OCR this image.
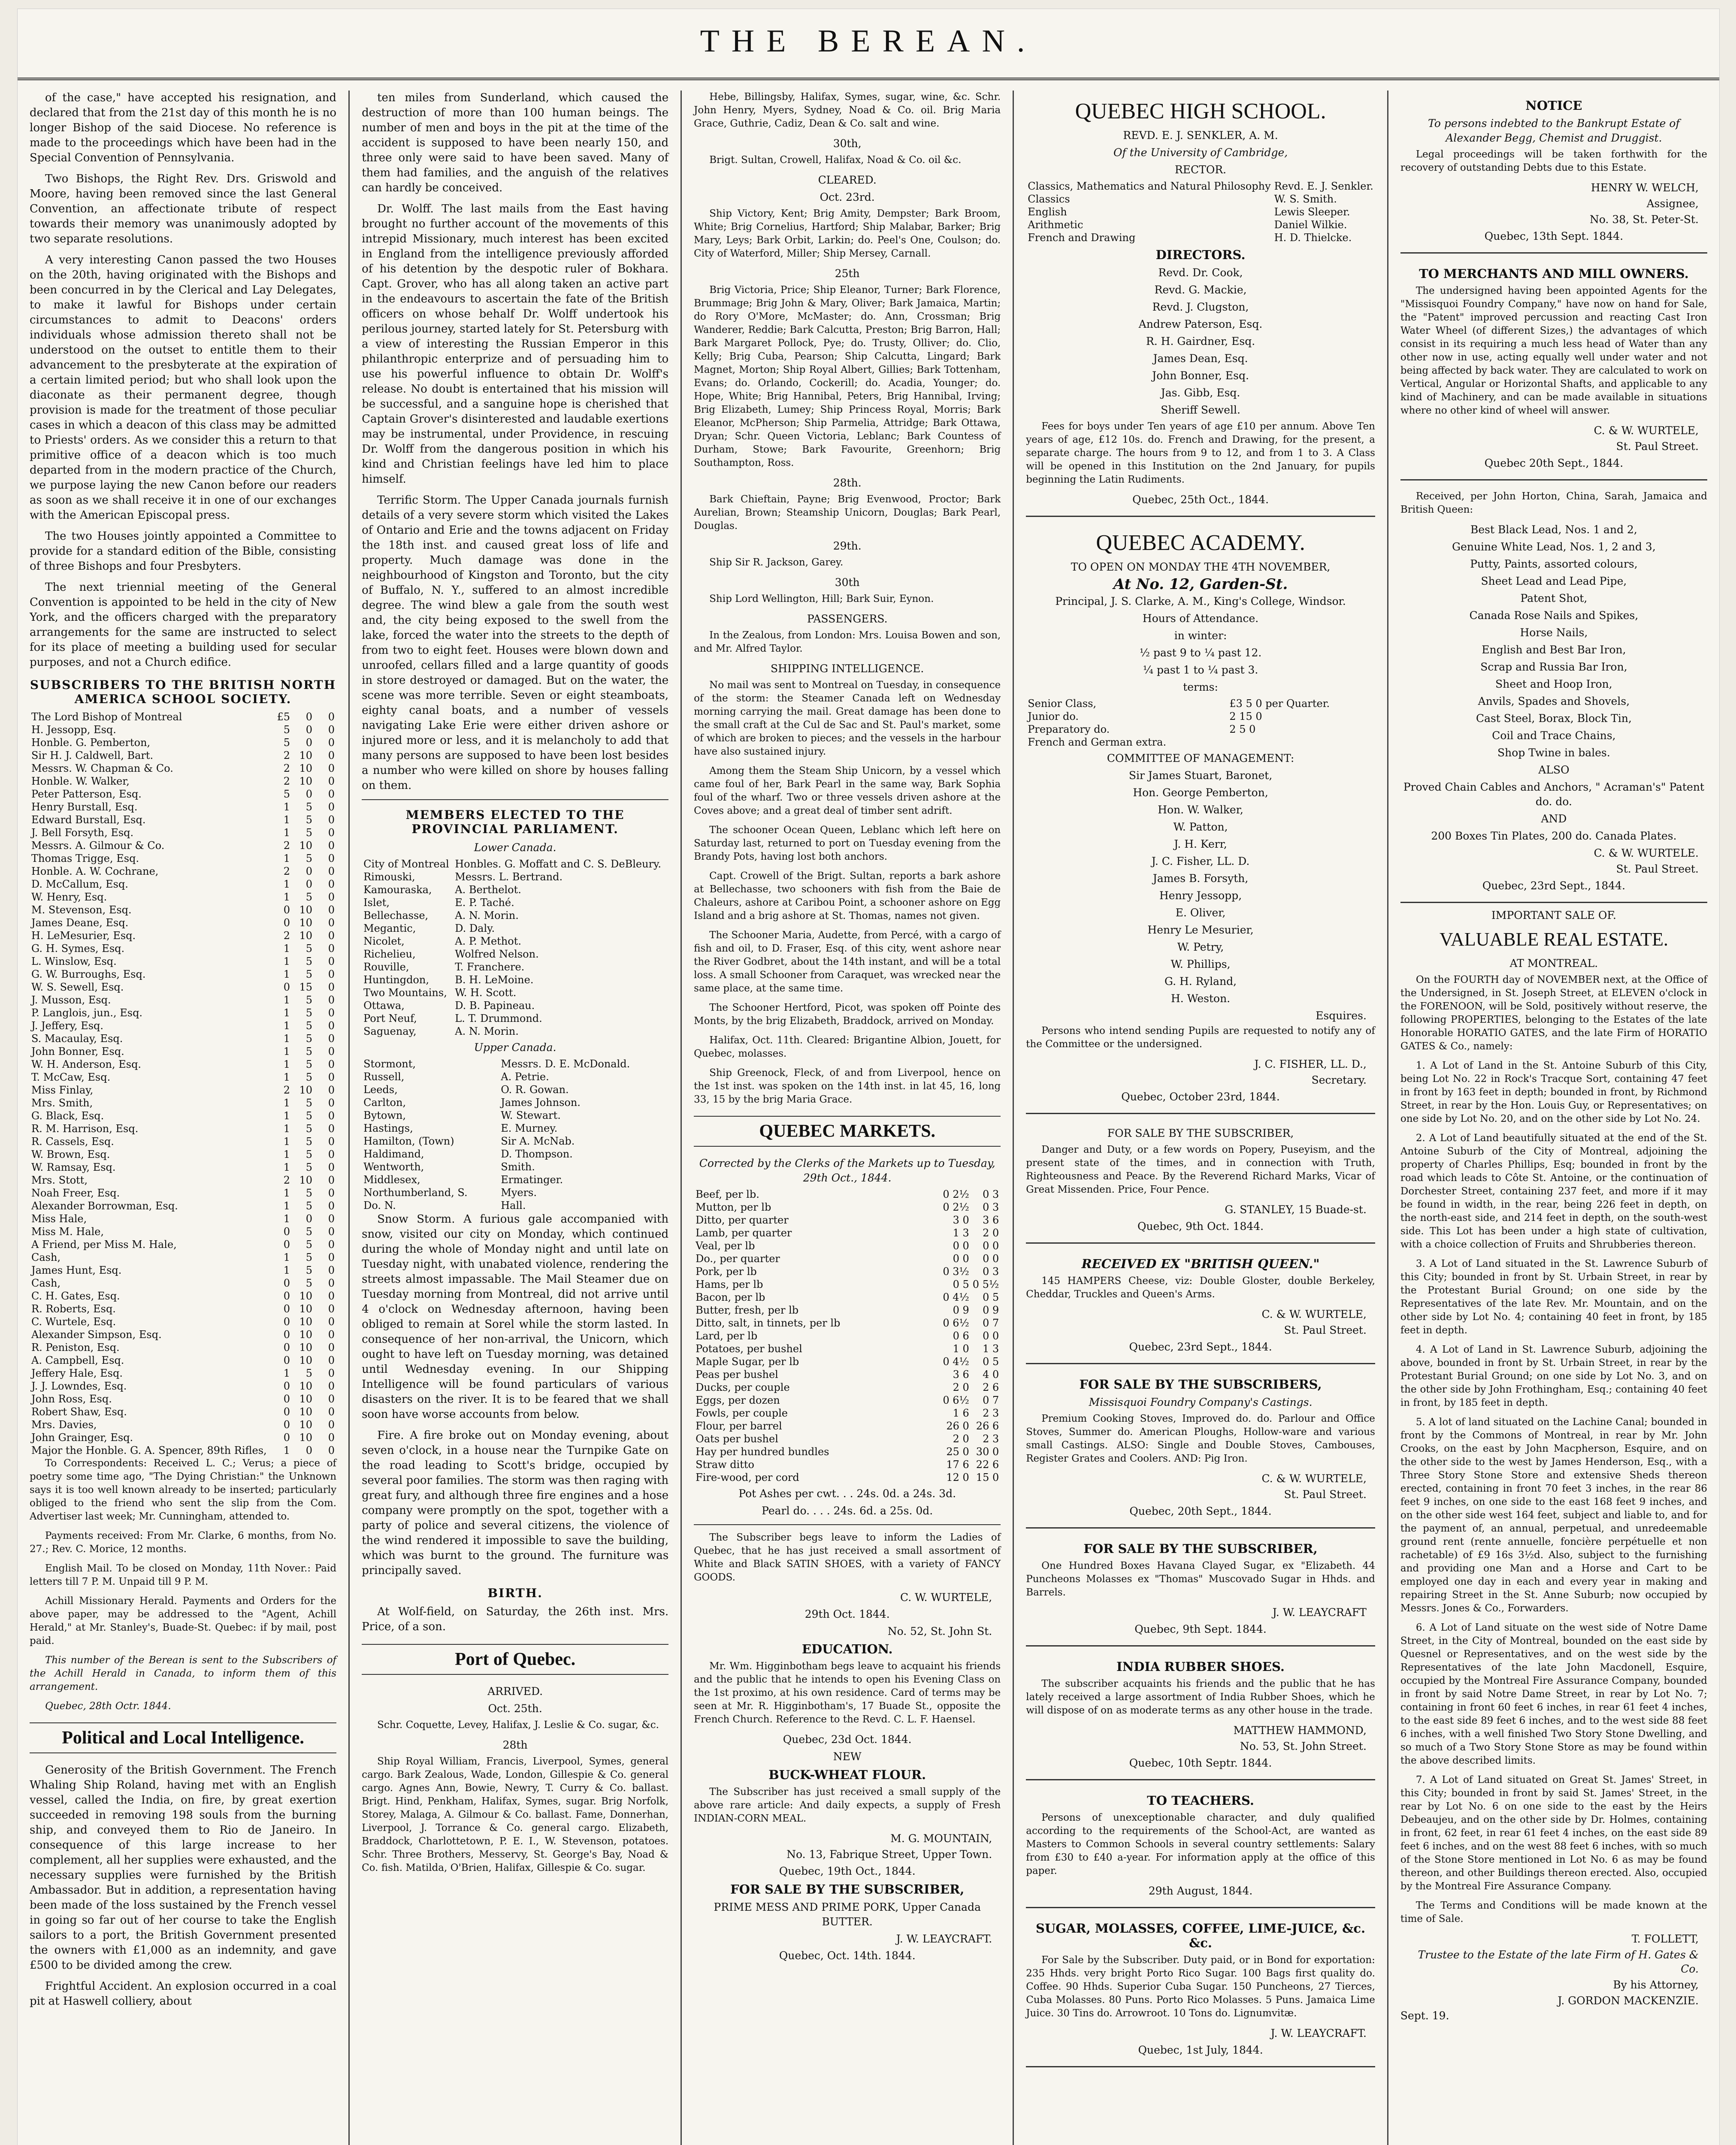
THE BEREAN.

of the case," have accepted his resignation, and declared that from the 21st day of this month he is no longer Bishop of the said Diocese. No reference is made to the proceedings which have been had in the Special Convention of Pennsylvania.

Two Bishops, the Right Rev. Drs. Griswold and Moore, having been removed since the last General Convention, an affectionate tribute of respect towards their memory was unanimously adopted by two separate resolutions.

A very interesting Canon passed the two Houses on the 20th, having originated with the Bishops and been concurred in by the Clerical and Lay Delegates, to make it lawful for Bishops under certain circumstances to admit to Deacons' orders individuals whose admission thereto shall not be understood on the outset to entitle them to their advancement to the presbyterate at the expiration of a certain limited period; but who shall look upon the diaconate as their permanent degree, though provision is made for the treatment of those peculiar cases in which a deacon of this class may be admitted to Priests' orders. As we consider this a return to that primitive office of a deacon which is too much departed from in the modern practice of the Church, we purpose laying the new Canon before our readers as soon as we shall receive it in one of our exchanges with the American Episcopal press.

The two Houses jointly appointed a Committee to provide for a standard edition of the Bible, consisting of three Bishops and four Presbyters.

The next triennial meeting of the General Convention is appointed to be held in the city of New York, and the officers charged with the preparatory arrangements for the same are instructed to select for its place of meeting a building used for secular purposes, and not a Church edifice.

SUBSCRIBERS TO THE BRITISH NORTH AMERICA SCHOOL SOCIETY.
The Lord Bishop of Montreal	£5	0	0
H. Jessopp, Esq.	5	0	0
Honble. G. Pemberton,	5	0	0
Sir H. J. Caldwell, Bart.	2	10	0
Messrs. W. Chapman & Co.	2	10	0
Honble. W. Walker,	2	10	0
Peter Patterson, Esq.	5	0	0
Henry Burstall, Esq.	1	5	0
Edward Burstall, Esq.	1	5	0
J. Bell Forsyth, Esq.	1	5	0
Messrs. A. Gilmour & Co.	2	10	0
Thomas Trigge, Esq.	1	5	0
Honble. A. W. Cochrane,	2	0	0
D. McCallum, Esq.	1	0	0
W. Henry, Esq.	1	5	0
M. Stevenson, Esq.	0	10	0
James Deane, Esq.	0	10	0
H. LeMesurier, Esq.	2	10	0
G. H. Symes, Esq.	1	5	0
L. Winslow, Esq.	1	5	0
G. W. Burroughs, Esq.	1	5	0
W. S. Sewell, Esq.	0	15	0
J. Musson, Esq.	1	5	0
P. Langlois, jun., Esq.	1	5	0
J. Jeffery, Esq.	1	5	0
S. Macaulay, Esq.	1	5	0
John Bonner, Esq.	1	5	0
W. H. Anderson, Esq.	1	5	0
T. McCaw, Esq.	1	5	0
Miss Finlay,	2	10	0
Mrs. Smith,	1	5	0
G. Black, Esq.	1	5	0
R. M. Harrison, Esq.	1	5	0
R. Cassels, Esq.	1	5	0
W. Brown, Esq.	1	5	0
W. Ramsay, Esq.	1	5	0
Mrs. Stott,	2	10	0
Noah Freer, Esq.	1	5	0
Alexander Borrowman, Esq.	1	5	0
Miss Hale,	1	0	0
Miss M. Hale,	0	5	0
A Friend, per Miss M. Hale,	0	5	0
Cash,	1	5	0
James Hunt, Esq.	1	5	0
Cash,	0	5	0
C. H. Gates, Esq.	0	10	0
R. Roberts, Esq.	0	10	0
C. Wurtele, Esq.	0	10	0
Alexander Simpson, Esq.	0	10	0
R. Peniston, Esq.	0	10	0
A. Campbell, Esq.	0	10	0
Jeffery Hale, Esq.	1	5	0
J. J. Lowndes, Esq.	0	10	0
John Ross, Esq.	0	10	0
Robert Shaw, Esq.	0	10	0
Mrs. Davies,	0	10	0
John Grainger, Esq.	0	10	0
Major the Honble. G. A. Spencer, 89th Rifles,	1	0	0

To Correspondents: Received L. C.; Verus; a piece of poetry some time ago, "The Dying Christian:" the Unknown says it is too well known already to be inserted; particularly obliged to the friend who sent the slip from the Com. Advertiser last week; Mr. Cunningham, attended to.

Payments received: From Mr. Clarke, 6 months, from No. 27.; Rev. C. Morice, 12 months.

English Mail. To be closed on Monday, 11th Nover.: Paid letters till 7 P. M. Unpaid till 9 P. M.

Achill Missionary Herald. Payments and Orders for the above paper, may be addressed to the "Agent, Achill Herald," at Mr. Stanley's, Buade-St. Quebec: if by mail, post paid.

This number of the Berean is sent to the Subscribers of the Achill Herald in Canada, to inform them of this arrangement.

Quebec, 28th Octr. 1844.

Political and Local Intelligence.

Generosity of the British Government. The French Whaling Ship Roland, having met with an English vessel, called the India, on fire, by great exertion succeeded in removing 198 souls from the burning ship, and conveyed them to Rio de Janeiro. In consequence of this large increase to her complement, all her supplies were exhausted, and the necessary supplies were furnished by the British Ambassador. But in addition, a representation having been made of the loss sustained by the French vessel in going so far out of her course to take the English sailors to a port, the British Government presented the owners with £1,000 as an indemnity, and gave £500 to be divided among the crew.

Frightful Accident. An explosion occurred in a coal pit at Haswell colliery, about

ten miles from Sunderland, which caused the destruction of more than 100 human beings. The number of men and boys in the pit at the time of the accident is supposed to have been nearly 150, and three only were said to have been saved. Many of them had families, and the anguish of the relatives can hardly be conceived.

Dr. Wolff. The last mails from the East having brought no further account of the movements of this intrepid Missionary, much interest has been excited in England from the intelligence previously afforded of his detention by the despotic ruler of Bokhara. Capt. Grover, who has all along taken an active part in the endeavours to ascertain the fate of the British officers on whose behalf Dr. Wolff undertook his perilous journey, started lately for St. Petersburg with a view of interesting the Russian Emperor in this philanthropic enterprize and of persuading him to use his powerful influence to obtain Dr. Wolff's release. No doubt is entertained that his mission will be successful, and a sanguine hope is cherished that Captain Grover's disinterested and laudable exertions may be instrumental, under Providence, in rescuing Dr. Wolff from the dangerous position in which his kind and Christian feelings have led him to place himself.

Terrific Storm. The Upper Canada journals furnish details of a very severe storm which visited the Lakes of Ontario and Erie and the towns adjacent on Friday the 18th inst. and caused great loss of life and property. Much damage was done in the neighbourhood of Kingston and Toronto, but the city of Buffalo, N. Y., suffered to an almost incredible degree. The wind blew a gale from the south west and, the city being exposed to the swell from the lake, forced the water into the streets to the depth of from two to eight feet. Houses were blown down and unroofed, cellars filled and a large quantity of goods in store destroyed or damaged. But on the water, the scene was more terrible. Seven or eight steamboats, eighty canal boats, and a number of vessels navigating Lake Erie were either driven ashore or injured more or less, and it is melancholy to add that many persons are supposed to have been lost besides a number who were killed on shore by houses falling on them.

MEMBERS ELECTED TO THE PROVINCIAL PARLIAMENT.
Lower Canada.
City of Montreal	Honbles. G. Moffatt and C. S. DeBleury.
Rimouski,	Messrs. L. Bertrand.
Kamouraska,	A. Berthelot.
Islet,	E. P. Taché.
Bellechasse,	A. N. Morin.
Megantic,	D. Daly.
Nicolet,	A. P. Methot.
Richelieu,	Wolfred Nelson.
Rouville,	T. Franchere.
Huntingdon,	B. H. LeMoine.
Two Mountains,	W. H. Scott.
Ottawa,	D. B. Papineau.
Port Neuf,	L. T. Drummond.
Saguenay,	A. N. Morin.
Upper Canada.
Stormont,	Messrs. D. E. McDonald.
Russell,	A. Petrie.
Leeds,	O. R. Gowan.
Carlton,	James Johnson.
Bytown,	W. Stewart.
Hastings,	E. Murney.
Hamilton, (Town)	Sir A. McNab.
Haldimand,	D. Thompson.
Wentworth,	Smith.
Middlesex,	Ermatinger.
Northumberland, S.	Myers.
Do. N.	Hall.

Snow Storm. A furious gale accompanied with snow, visited our city on Monday, which continued during the whole of Monday night and until late on Tuesday night, with unabated violence, rendering the streets almost impassable. The Mail Steamer due on Tuesday morning from Montreal, did not arrive until 4 o'clock on Wednesday afternoon, having been obliged to remain at Sorel while the storm lasted. In consequence of her non-arrival, the Unicorn, which ought to have left on Tuesday morning, was detained until Wednesday evening. In our Shipping Intelligence will be found particulars of various disasters on the river. It is to be feared that we shall soon have worse accounts from below.

Fire. A fire broke out on Monday evening, about seven o'clock, in a house near the Turnpike Gate on the road leading to Scott's bridge, occupied by several poor families. The storm was then raging with great fury, and although three fire engines and a hose company were promptly on the spot, together with a party of police and several citizens, the violence of the wind rendered it impossible to save the building, which was burnt to the ground. The furniture was principally saved.

BIRTH.

At Wolf-field, on Saturday, the 26th inst. Mrs. Price, of a son.

Port of Quebec.
ARRIVED.
Oct. 25th.

Schr. Coquette, Levey, Halifax, J. Leslie & Co. sugar, &c.

28th

Ship Royal William, Francis, Liverpool, Symes, general cargo. Bark Zealous, Wade, London, Gillespie & Co. general cargo. Agnes Ann, Bowie, Newry, T. Curry & Co. ballast. Brigt. Hind, Penkham, Halifax, Symes, sugar. Brig Norfolk, Storey, Malaga, A. Gilmour & Co. ballast. Fame, Donnerhan, Liverpool, J. Torrance & Co. general cargo. Elizabeth, Braddock, Charlottetown, P. E. I., W. Stevenson, potatoes. Schr. Three Brothers, Messervy, St. George's Bay, Noad & Co. fish. Matilda, O'Brien, Halifax, Gillespie & Co. sugar.

Hebe, Billingsby, Halifax, Symes, sugar, wine, &c. Schr. John Henry, Myers, Sydney, Noad & Co. oil. Brig Maria Grace, Guthrie, Cadiz, Dean & Co. salt and wine.

30th,

Brigt. Sultan, Crowell, Halifax, Noad & Co. oil &c.

CLEARED.
Oct. 23rd.

Ship Victory, Kent; Brig Amity, Dempster; Bark Broom, White; Brig Cornelius, Hartford; Ship Malabar, Barker; Brig Mary, Leys; Bark Orbit, Larkin; do. Peel's One, Coulson; do. City of Waterford, Miller; Ship Mersey, Carnall.

25th

Brig Victoria, Price; Ship Eleanor, Turner; Bark Florence, Brummage; Brig John & Mary, Oliver; Bark Jamaica, Martin; do Rory O'More, McMaster; do. Ann, Crossman; Brig Wanderer, Reddie; Bark Calcutta, Preston; Brig Barron, Hall; Bark Margaret Pollock, Pye; do. Trusty, Olliver; do. Clio, Kelly; Brig Cuba, Pearson; Ship Calcutta, Lingard; Bark Magnet, Morton; Ship Royal Albert, Gillies; Bark Tottenham, Evans; do. Orlando, Cockerill; do. Acadia, Younger; do. Hope, White; Brig Hannibal, Peters, Brig Hannibal, Irving; Brig Elizabeth, Lumey; Ship Princess Royal, Morris; Bark Eleanor, McPherson; Ship Parmelia, Attridge; Bark Ottawa, Dryan; Schr. Queen Victoria, Leblanc; Bark Countess of Durham, Stowe; Bark Favourite, Greenhorn; Brig Southampton, Ross.

28th.

Bark Chieftain, Payne; Brig Evenwood, Proctor; Bark Aurelian, Brown; Steamship Unicorn, Douglas; Bark Pearl, Douglas.

29th.

Ship Sir R. Jackson, Garey.

30th

Ship Lord Wellington, Hill; Bark Suir, Eynon.

PASSENGERS.

In the Zealous, from London: Mrs. Louisa Bowen and son, and Mr. Alfred Taylor.

SHIPPING INTELLIGENCE.

No mail was sent to Montreal on Tuesday, in consequence of the storm: the Steamer Canada left on Wednesday morning carrying the mail. Great damage has been done to the small craft at the Cul de Sac and St. Paul's market, some of which are broken to pieces; and the vessels in the harbour have also sustained injury.

Among them the Steam Ship Unicorn, by a vessel which came foul of her, Bark Pearl in the same way, Bark Sophia foul of the wharf. Two or three vessels driven ashore at the Coves above; and a great deal of timber sent adrift.

The schooner Ocean Queen, Leblanc which left here on Saturday last, returned to port on Tuesday evening from the Brandy Pots, having lost both anchors.

Capt. Crowell of the Brigt. Sultan, reports a bark ashore at Bellechasse, two schooners with fish from the Baie de Chaleurs, ashore at Caribou Point, a schooner ashore on Egg Island and a brig ashore at St. Thomas, names not given.

The Schooner Maria, Audette, from Percé, with a cargo of fish and oil, to D. Fraser, Esq. of this city, went ashore near the River Godbret, about the 14th instant, and will be a total loss. A small Schooner from Caraquet, was wrecked near the same place, at the same time.

The Schooner Hertford, Picot, was spoken off Pointe des Monts, by the brig Elizabeth, Braddock, arrived on Monday.

Halifax, Oct. 11th. Cleared: Brigantine Albion, Jouett, for Quebec, molasses.

Ship Greenock, Fleck, of and from Liverpool, hence on the 1st inst. was spoken on the 14th inst. in lat 45, 16, long 33, 15 by the brig Maria Grace.

QUEBEC MARKETS.
Corrected by the Clerks of the Markets up to Tuesday, 29th Oct., 1844.
Beef, per lb.	0 2½	0 3
Mutton, per lb	0 2½	0 3
Ditto, per quarter	3 0	3 6
Lamb, per quarter	1 3	2 0
Veal, per lb	0 0	0 0
Do., per quarter	0 0	0 0
Pork, per lb	0 3½	0 3
Hams, per lb	0 5	0 5½
Bacon, per lb	0 4½	0 5
Butter, fresh, per lb	0 9	0 9
Ditto, salt, in tinnets, per lb	0 6½	0 7
Lard, per lb	0 6	0 0
Potatoes, per bushel	1 0	1 3
Maple Sugar, per lb	0 4½	0 5
Peas per bushel	3 6	4 0
Ducks, per couple	2 0	2 6
Eggs, per dozen	0 6½	0 7
Fowls, per couple	1 6	2 3
Flour, per barrel	26 0	26 6
Oats per bushel	2 0	2 3
Hay per hundred bundles	25 0	30 0
Straw ditto	17 6	22 6
Fire-wood, per cord	12 0	15 0
Pot Ashes per cwt. . . 24s. 0d. a 24s. 3d.
Pearl do. . . . 24s. 6d. a 25s. 0d.

The Subscriber begs leave to inform the Ladies of Quebec, that he has just received a small assortment of White and Black SATIN SHOES, with a variety of FANCY GOODS.

C. W. WURTELE,
29th Oct. 1844.
No. 52, St. John St.
EDUCATION.

Mr. Wm. Higginbotham begs leave to acquaint his friends and the public that he intends to open his Evening Class on the 1st proximo, at his own residence. Card of terms may be seen at Mr. R. Higginbotham's, 17 Buade St., opposite the French Church. Reference to the Revd. C. L. F. Haensel.

Quebec, 23d Oct. 1844.
NEW
BUCK-WHEAT FLOUR.

The Subscriber has just received a small supply of the above rare article: And daily expects, a supply of Fresh INDIAN-CORN MEAL.

M. G. MOUNTAIN,
No. 13, Fabrique Street, Upper Town.
Quebec, 19th Oct., 1844.
FOR SALE BY THE SUBSCRIBER,
PRIME MESS AND PRIME PORK, Upper Canada BUTTER.
J. W. LEAYCRAFT.
Quebec, Oct. 14th. 1844.
QUEBEC HIGH SCHOOL.
REVD. E. J. SENKLER, A. M.
Of the University of Cambridge,
RECTOR.
Classics, Mathematics and Natural Philosophy	Revd. E. J. Senkler.
Classics	W. S. Smith.
English	Lewis Sleeper.
Arithmetic	Daniel Wilkie.
French and Drawing	H. D. Thielcke.
DIRECTORS.
Revd. Dr. Cook,
Revd. G. Mackie,
Revd. J. Clugston,
Andrew Paterson, Esq.
R. H. Gairdner, Esq.
James Dean, Esq.
John Bonner, Esq.
Jas. Gibb, Esq.
Sheriff Sewell.

Fees for boys under Ten years of age £10 per annum. Above Ten years of age, £12 10s. do. French and Drawing, for the present, a separate charge. The hours from 9 to 12, and from 1 to 3. A Class will be opened in this Institution on the 2nd January, for pupils beginning the Latin Rudiments.

Quebec, 25th Oct., 1844.
QUEBEC ACADEMY.
TO OPEN ON MONDAY THE 4TH NOVEMBER,
At No. 12, Garden-St.
Principal, J. S. Clarke, A. M., King's College, Windsor.
Hours of Attendance.
in winter:
½ past 9 to ¼ past 12.
¼ past 1 to ¼ past 3.
terms:
Senior Class,	£3 5 0 per Quarter.
Junior do.	2 15 0
Preparatory do.	2 5 0
French and German extra.	
COMMITTEE OF MANAGEMENT:
Sir James Stuart, Baronet,
Hon. George Pemberton,
Hon. W. Walker,
W. Patton,
J. H. Kerr,
J. C. Fisher, LL. D.
James B. Forsyth,
Henry Jessopp,
E. Oliver,
Henry Le Mesurier,
W. Petry,
W. Phillips,
G. H. Ryland,
H. Weston.
Esquires.

Persons who intend sending Pupils are requested to notify any of the Committee or the undersigned.

J. C. FISHER, LL. D.,
Secretary.
Quebec, October 23rd, 1844.
FOR SALE BY THE SUBSCRIBER,

Danger and Duty, or a few words on Popery, Puseyism, and the present state of the times, and in connection with Truth, Righteousness and Peace. By the Reverend Richard Marks, Vicar of Great Missenden. Price, Four Pence.

G. STANLEY, 15 Buade-st.
Quebec, 9th Oct. 1844.
RECEIVED EX "BRITISH QUEEN."

145 HAMPERS Cheese, viz: Double Gloster, double Berkeley, Cheddar, Truckles and Queen's Arms.

C. & W. WURTELE,
St. Paul Street.
Quebec, 23rd Sept., 1844.
FOR SALE BY THE SUBSCRIBERS,
Missisquoi Foundry Company's Castings.

Premium Cooking Stoves, Improved do. do. Parlour and Office Stoves, Summer do. American Ploughs, Hollow-ware and various small Castings. ALSO: Single and Double Stoves, Cambouses, Register Grates and Coolers. AND: Pig Iron.

C. & W. WURTELE,
St. Paul Street.
Quebec, 20th Sept., 1844.
FOR SALE BY THE SUBSCRIBER,

One Hundred Boxes Havana Clayed Sugar, ex "Elizabeth. 44 Puncheons Molasses ex "Thomas" Muscovado Sugar in Hhds. and Barrels.

J. W. LEAYCRAFT
Quebec, 9th Sept. 1844.
INDIA RUBBER SHOES.

The subscriber acquaints his friends and the public that he has lately received a large assortment of India Rubber Shoes, which he will dispose of on as moderate terms as any other house in the trade.

MATTHEW HAMMOND,
No. 53, St. John Street.
Quebec, 10th Septr. 1844.
TO TEACHERS.

Persons of unexceptionable character, and duly qualified according to the requirements of the School-Act, are wanted as Masters to Common Schools in several country settlements: Salary from £30 to £40 a-year. For information apply at the office of this paper.

29th August, 1844.
SUGAR, MOLASSES, COFFEE, LIME-JUICE, &c. &c.

For Sale by the Subscriber. Duty paid, or in Bond for exportation: 235 Hhds. very bright Porto Rico Sugar. 100 Bags first quality do. Coffee. 90 Hhds. Superior Cuba Sugar. 150 Puncheons, 27 Tierces, Cuba Molasses. 80 Puns. Porto Rico Molasses. 5 Puns. Jamaica Lime Juice. 30 Tins do. Arrowroot. 10 Tons do. Lignumvitæ.

J. W. LEAYCRAFT.
Quebec, 1st July, 1844.
NOTICE
To persons indebted to the Bankrupt Estate of Alexander Begg, Chemist and Druggist.

Legal proceedings will be taken forthwith for the recovery of outstanding Debts due to this Estate.

HENRY W. WELCH,
Assignee,
No. 38, St. Peter-St.
Quebec, 13th Sept. 1844.
TO MERCHANTS AND MILL OWNERS.

The undersigned having been appointed Agents for the "Missisquoi Foundry Company," have now on hand for Sale, the "Patent" improved percussion and reacting Cast Iron Water Wheel (of different Sizes,) the advantages of which consist in its requiring a much less head of Water than any other now in use, acting equally well under water and not being affected by back water. They are calculated to work on Vertical, Angular or Horizontal Shafts, and applicable to any kind of Machinery, and can be made available in situations where no other kind of wheel will answer.

C. & W. WURTELE,
St. Paul Street.
Quebec 20th Sept., 1844.

Received, per John Horton, China, Sarah, Jamaica and British Queen:

Best Black Lead, Nos. 1 and 2,
Genuine White Lead, Nos. 1, 2 and 3,
Putty, Paints, assorted colours,
Sheet Lead and Lead Pipe,
Patent Shot,
Canada Rose Nails and Spikes,
Horse Nails,
English and Best Bar Iron,
Scrap and Russia Bar Iron,
Sheet and Hoop Iron,
Anvils, Spades and Shovels,
Cast Steel, Borax, Block Tin,
Coil and Trace Chains,
Shop Twine in bales.
ALSO
Proved Chain Cables and Anchors, " Acraman's" Patent do. do.
AND
200 Boxes Tin Plates, 200 do. Canada Plates.
C. & W. WURTELE.
St. Paul Street.
Quebec, 23rd Sept., 1844.
IMPORTANT SALE OF.
VALUABLE REAL ESTATE.
AT MONTREAL.

On the FOURTH day of NOVEMBER next, at the Office of the Undersigned, in St. Joseph Street, at ELEVEN o'clock in the FORENOON, will be Sold, positively without reserve, the following PROPERTIES, belonging to the Estates of the late Honorable HORATIO GATES, and the late Firm of HORATIO GATES & Co., namely:

1. A Lot of Land in the St. Antoine Suburb of this City, being Lot No. 22 in Rock's Tracque Sort, containing 47 feet in front by 163 feet in depth; bounded in front, by Richmond Street, in rear by the Hon. Louis Guy, or Representatives; on one side by Lot No. 20, and on the other side by Lot No. 24.

2. A Lot of Land beautifully situated at the end of the St. Antoine Suburb of the City of Montreal, adjoining the property of Charles Phillips, Esq; bounded in front by the road which leads to Côte St. Antoine, or the continuation of Dorchester Street, containing 237 feet, and more if it may be found in width, in the rear, being 226 feet in depth, on the north-east side, and 214 feet in depth, on the south-west side. This Lot has been under a high state of cultivation, with a choice collection of Fruits and Shrubberies thereon.

3. A Lot of Land situated in the St. Lawrence Suburb of this City; bounded in front by St. Urbain Street, in rear by the Protestant Burial Ground; on one side by the Representatives of the late Rev. Mr. Mountain, and on the other side by Lot No. 4; containing 40 feet in front, by 185 feet in depth.

4. A Lot of Land in St. Lawrence Suburb, adjoining the above, bounded in front by St. Urbain Street, in rear by the Protestant Burial Ground; on one side by Lot No. 3, and on the other side by John Frothingham, Esq.; containing 40 feet in front, by 185 feet in depth.

5. A lot of land situated on the Lachine Canal; bounded in front by the Commons of Montreal, in rear by Mr. John Crooks, on the east by John Macpherson, Esquire, and on the other side to the west by James Henderson, Esq., with a Three Story Stone Store and extensive Sheds thereon erected, containing in front 70 feet 3 inches, in the rear 86 feet 9 inches, on one side to the east 168 feet 9 inches, and on the other side west 164 feet, subject and liable to, and for the payment of, an annual, perpetual, and unredeemable ground rent (rente annuelle, foncière perpétuelle et non rachetable) of £9 16s 3½d. Also, subject to the furnishing and providing one Man and a Horse and Cart to be employed one day in each and every year in making and repairing Street in the St. Anne Suburb; now occupied by Messrs. Jones & Co., Forwarders.

6. A Lot of Land situate on the west side of Notre Dame Street, in the City of Montreal, bounded on the east side by Quesnel or Representatives, and on the west side by the Representatives of the late John Macdonell, Esquire, occupied by the Montreal Fire Assurance Company, bounded in front by said Notre Dame Street, in rear by Lot No. 7; containing in front 60 feet 6 inches, in rear 61 feet 4 inches, to the east side 89 feet 6 inches, and to the west side 88 feet 6 inches, with a well finished Two Story Stone Dwelling, and so much of a Two Story Stone Store as may be found within the above described limits.

7. A Lot of Land situated on Great St. James' Street, in this City; bounded in front by said St. James' Street, in the rear by Lot No. 6 on one side to the east by the Heirs Debeaujeu, and on the other side by Dr. Holmes, containing in front, 62 feet, in rear 61 feet 4 inches, on the east side 89 feet 6 inches, and on the west 88 feet 6 inches, with so much of the Stone Store mentioned in Lot No. 6 as may be found thereon, and other Buildings thereon erected. Also, occupied by the Montreal Fire Assurance Company.

The Terms and Conditions will be made known at the time of Sale.

T. FOLLETT,
Trustee to the Estate of the late Firm of H. Gates & Co.
By his Attorney,
J. GORDON MACKENZIE.
Sept. 19.
